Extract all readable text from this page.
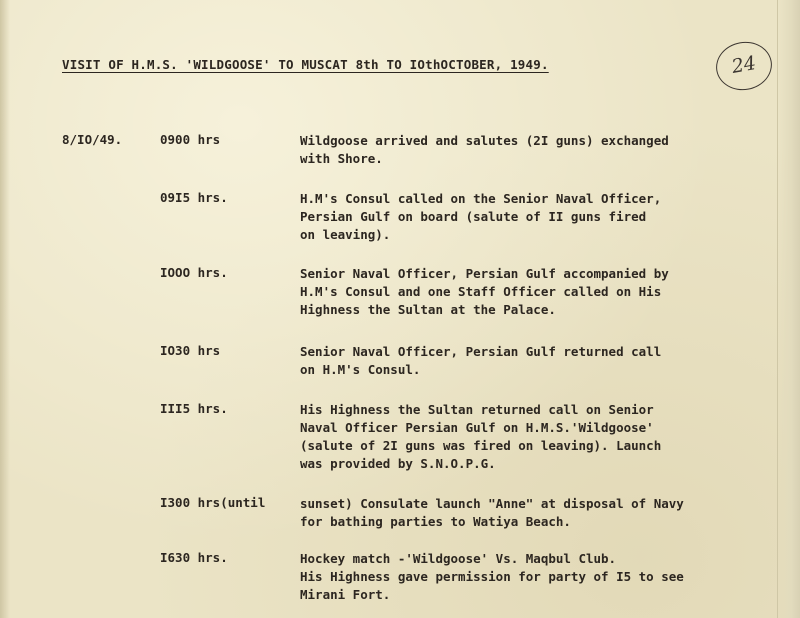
VISIT OF H.M.S. 'WILDGOOSE' TO MUSCAT 8th TO IOthOCTOBER, 1949.	24
8/IO/49.	0900 hrs	Wildgoose arrived and salutes (2I guns) exchanged
with Shore.
09I5 hrs.	H.M's Consul called on the Senior Naval Officer,
Persian Gulf on board (salute of II guns fired
on leaving).
IOOO hrs.	Senior Naval Officer, Persian Gulf accompanied by
H.M's Consul and one Staff Officer called on His
Highness the Sultan at the Palace.
IO30 hrs	Senior Naval Officer, Persian Gulf returned call
on H.M's Consul.
III5 hrs.	His Highness the Sultan returned call on Senior
Naval Officer Persian Gulf on H.M.S.'Wildgoose'
(salute of 2I guns was fired on leaving). Launch
was provided by S.N.O.P.G.
I300 hrs(until	sunset) Consulate launch "Anne" at disposal of Navy
for bathing parties to Watiya Beach.
I630 hrs.	Hockey match -'Wildgoose' Vs. Maqbul Club.
His Highness gave permission for party of I5 to see
Mirani Fort.
